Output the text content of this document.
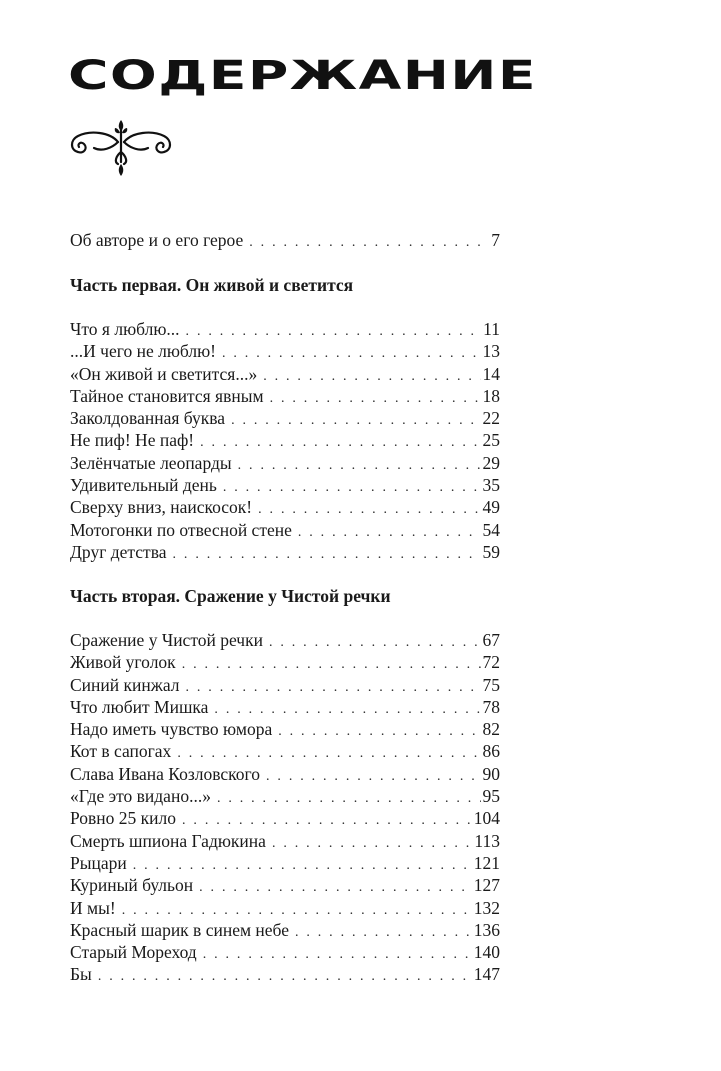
СОДЕРЖАНИЕ
Об авторе и о его герое . . .	7
Часть первая. Он живой и светится
Что я люблю... . . .	11
...И чего не люблю! . . .	13
«Он живой и светится...» . . .	14
Тайное становится явным . . .	18
Заколдованная буква . . .	22
Не пиф! Не паф! . . .	25
Зелёнчатые леопарды . . .	29
Удивительный день . . .	35
Сверху вниз, наискосок! . . .	49
Мотогонки по отвесной стене . . .	54
Друг детства . . .	59
Часть вторая. Сражение у Чистой речки
Сражение у Чистой речки . . .	67
Живой уголок . . .	72
Синий кинжал . . .	75
Что любит Мишка . . .	78
Надо иметь чувство юмора . . .	82
Кот в сапогах . . .	86
Слава Ивана Козловского . . .	90
«Где это видано...» . . .	95
Ровно 25 кило . . .	104
Смерть шпиона Гадюкина . . .	113
Рыцари . . .	121
Куриный бульон . . .	127
И мы! . . .	132
Красный шарик в синем небе . . .	136
Старый Мореход . . .	140
Бы . . .	147
